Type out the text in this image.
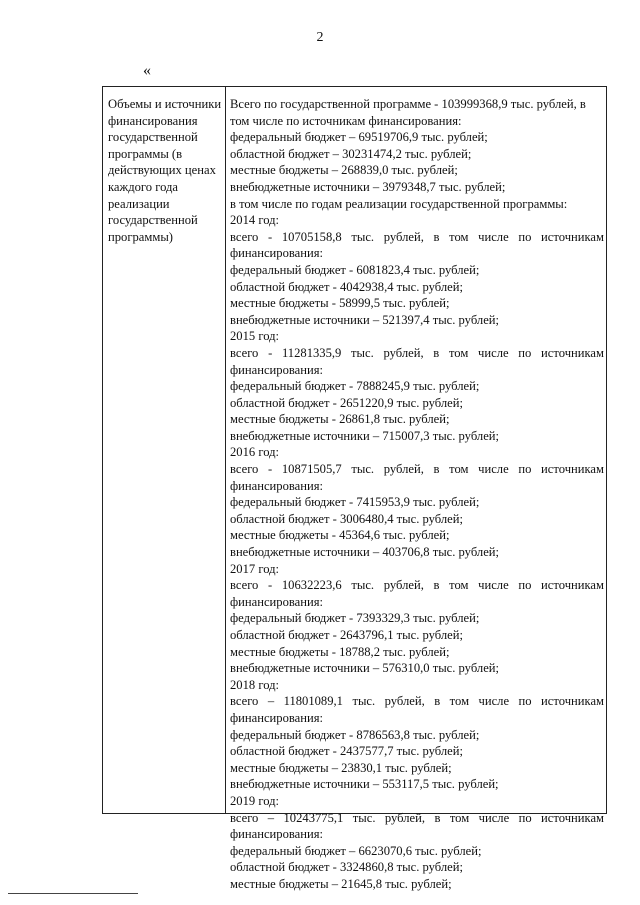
2
«
Объемы и источники
финансирования
государственной
программы (в
действующих ценах
каждого года
реализации
государственной
программы)
Всего по государственной программе - 103999368,9 тыс. рублей, в
том числе по источникам финансирования:
федеральный бюджет – 69519706,9 тыс. рублей;
областной бюджет – 30231474,2 тыс. рублей;
местные бюджеты – 268839,0 тыс. рублей;
внебюджетные источники – 3979348,7 тыс. рублей;
в том числе по годам реализации государственной программы:
2014 год:
всего - 10705158,8 тыс. рублей, в том числе по источникам
финансирования:
федеральный бюджет - 6081823,4 тыс. рублей;
областной бюджет - 4042938,4 тыс. рублей;
местные бюджеты - 58999,5 тыс. рублей;
внебюджетные источники – 521397,4 тыс. рублей;
2015 год:
всего - 11281335,9 тыс. рублей, в том числе по источникам
финансирования:
федеральный бюджет - 7888245,9 тыс. рублей;
областной бюджет - 2651220,9 тыс. рублей;
местные бюджеты - 26861,8 тыс. рублей;
внебюджетные источники – 715007,3 тыс. рублей;
2016 год:
всего - 10871505,7 тыс. рублей, в том числе по источникам
финансирования:
федеральный бюджет - 7415953,9 тыс. рублей;
областной бюджет - 3006480,4 тыс. рублей;
местные бюджеты - 45364,6 тыс. рублей;
внебюджетные источники – 403706,8 тыс. рублей;
2017 год:
всего - 10632223,6 тыс. рублей, в том числе по источникам
финансирования:
федеральный бюджет - 7393329,3 тыс. рублей;
областной бюджет - 2643796,1 тыс. рублей;
местные бюджеты - 18788,2 тыс. рублей;
внебюджетные источники – 576310,0 тыс. рублей;
2018 год:
всего – 11801089,1 тыс. рублей, в том числе по источникам
финансирования:
федеральный бюджет - 8786563,8 тыс. рублей;
областной бюджет - 2437577,7 тыс. рублей;
местные бюджеты – 23830,1 тыс. рублей;
внебюджетные источники – 553117,5 тыс. рублей;
2019 год:
всего – 10243775,1 тыс. рублей, в том числе по источникам
финансирования:
федеральный бюджет – 6623070,6 тыс. рублей;
областной бюджет - 3324860,8 тыс. рублей;
местные бюджеты – 21645,8 тыс. рублей;
